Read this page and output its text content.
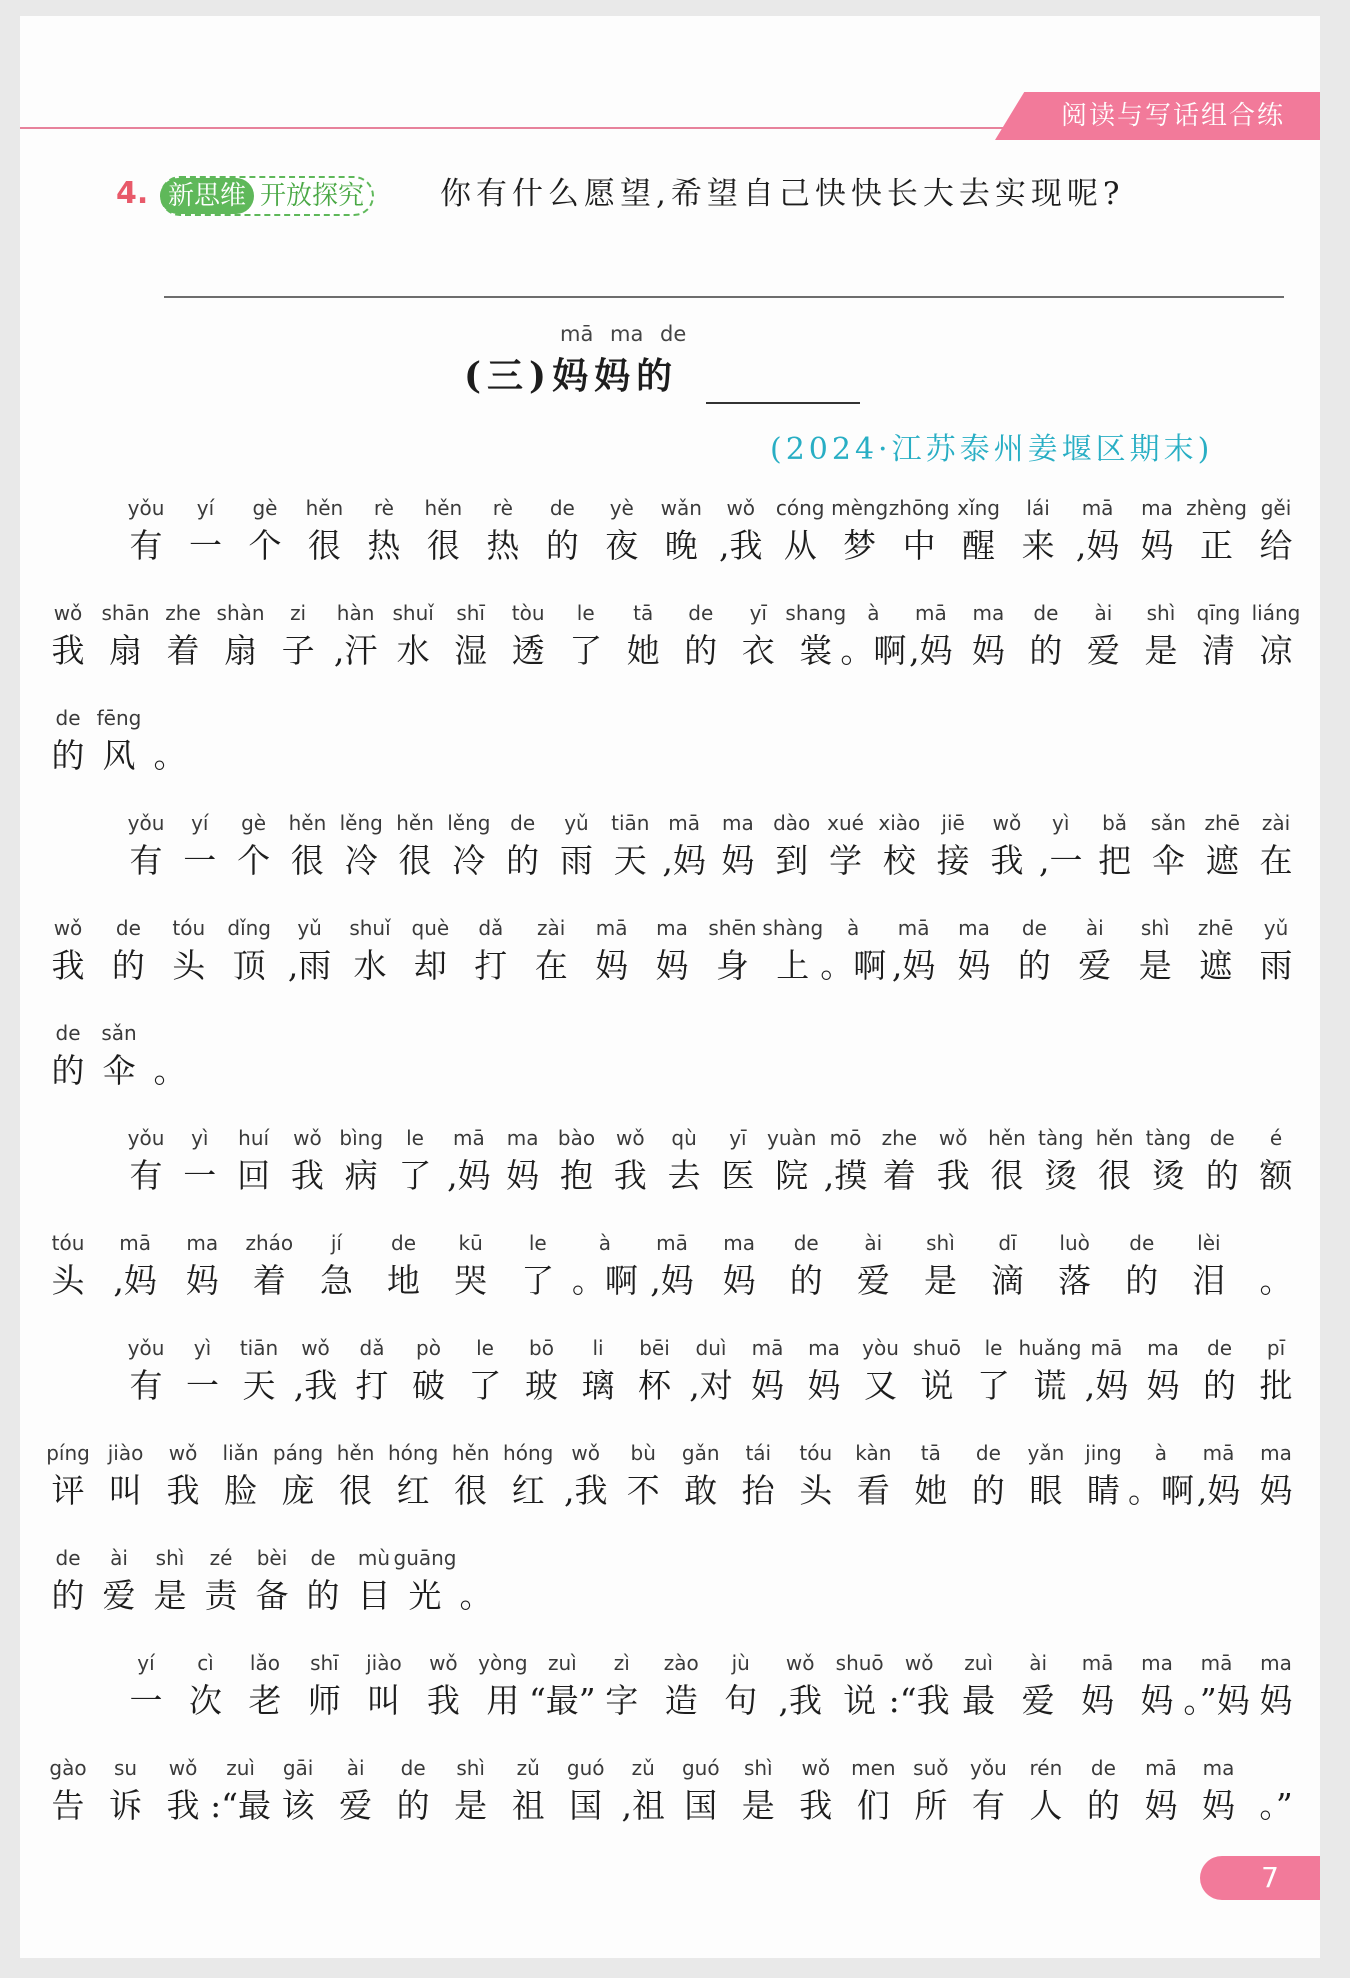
阅读与写话组合练
4. 新思维 开放探究 你有什么愿望,希望自己快快长大去实现呢?
mā ma de
(三)妈妈的
(2024·江苏泰州姜堰区期末)
yǒu yí gè hěn rè hěn rè de yè wǎn wǒ cóng mèng zhōng xǐng lái mā ma zhèng gěi
有 一 个 很 热 很 热 的 夜 晚 ,我 从 梦 中 醒 来 ,妈 妈 正 给
wǒ shān zhe shàn zi hàn shuǐ shī tòu le tā de yī shang à mā ma de ài shì qīng liáng
我 扇 着 扇 子 ,汗 水 湿 透 了 她 的 衣 裳 。啊 ,妈 妈 的 爱 是 清 凉
de fēng
的 风 。
yǒu yí gè hěn lěng hěn lěng de yǔ tiān mā ma dào xué xiào jiē wǒ yì bǎ sǎn zhē zài
有 一 个 很 冷 很 冷 的 雨 天 ,妈 妈 到 学 校 接 我 ,一 把 伞 遮 在
wǒ de tóu dǐng yǔ shuǐ què dǎ zài mā ma shēn shàng à mā ma de ài shì zhē yǔ
我 的 头 顶 ,雨 水 却 打 在 妈 妈 身 上 。啊 ,妈 妈 的 爱 是 遮 雨
de sǎn
的 伞 。
yǒu yì huí wǒ bìng le mā ma bào wǒ qù yī yuàn mō zhe wǒ hěn tàng hěn tàng de é
有 一 回 我 病 了 ,妈 妈 抱 我 去 医 院 ,摸 着 我 很 烫 很 烫 的 额
tóu mā ma zháo jí de kū le	à mā ma de ài shì dī luò de lèi
头 ,妈 妈 着 急 地 哭 了 。啊 ,妈 妈 的 爱 是 滴 落 的 泪 。
yǒu yì tiān wǒ dǎ pò le bō li bēi duì mā ma yòu shuō le huǎng mā ma de pī
有 一 天 ,我 打 破 了 玻 璃 杯 ,对 妈 妈 又 说 了 谎 ,妈 妈 的 批
píng jiào wǒ liǎn páng hěn hóng hěn hóng wǒ bù gǎn tái tóu kàn tā de yǎn jing à mā ma
评 叫 我 脸 庞 很 红 很 红 ,我 不 敢 抬 头 看 她 的 眼 睛 。啊 ,妈 妈
de ài shì zé bèi de mù guāng
的 爱 是 责 备 的 目 光 。
yí cì lǎo shī jiào wǒ yòng zuì zì zào jù wǒ shuō wǒ zuì ài mā ma mā ma
一 次 老 师 叫 我 用 “最” 字 造 句 ,我 说 :“我 最 爱 妈 妈 。”妈 妈
gào su wǒ zuì gāi ài de shì zǔ guó zǔ guó shì wǒ men suǒ yǒu rén de mā ma
告 诉 我 :“最 该 爱 的 是 祖 国 ,祖 国 是 我 们 所 有 人 的 妈 妈 。”
7
